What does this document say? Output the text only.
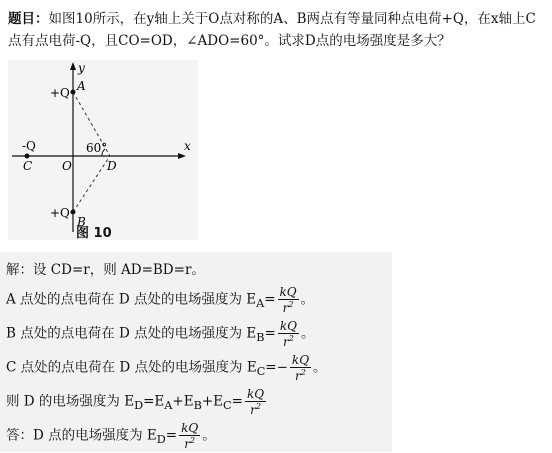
题目：如图10所示，在y轴上关于O点对称的A、B两点有等量同种点电荷+Q，在x轴上C点有点电荷-Q，且CO=OD，∠ADO=60°。试求D点的电场强度是多大？
y
x
+Q A
+Q
B
-Q
C O	D
60°
图 10
解：设 CD=r，则 AD=BD=r。
A 点处的点电荷在 D 点处的电场强度为 $E_A= \frac{kQ}{r^2}$ 。
B 点处的点电荷在 D 点处的电场强度为 $E_B= \frac{kQ}{r^2}$ 。
C 点处的点电荷在 D 点处的电场强度为 $E_C=- \frac{kQ}{r^2}$ 。
则 D 的电场强度为 $E_D=E_A+E_B+E_C= \frac{kQ}{r^2}$
答：D 点的电场强度为 $E_D= \frac{kQ}{r^2}$ 。
